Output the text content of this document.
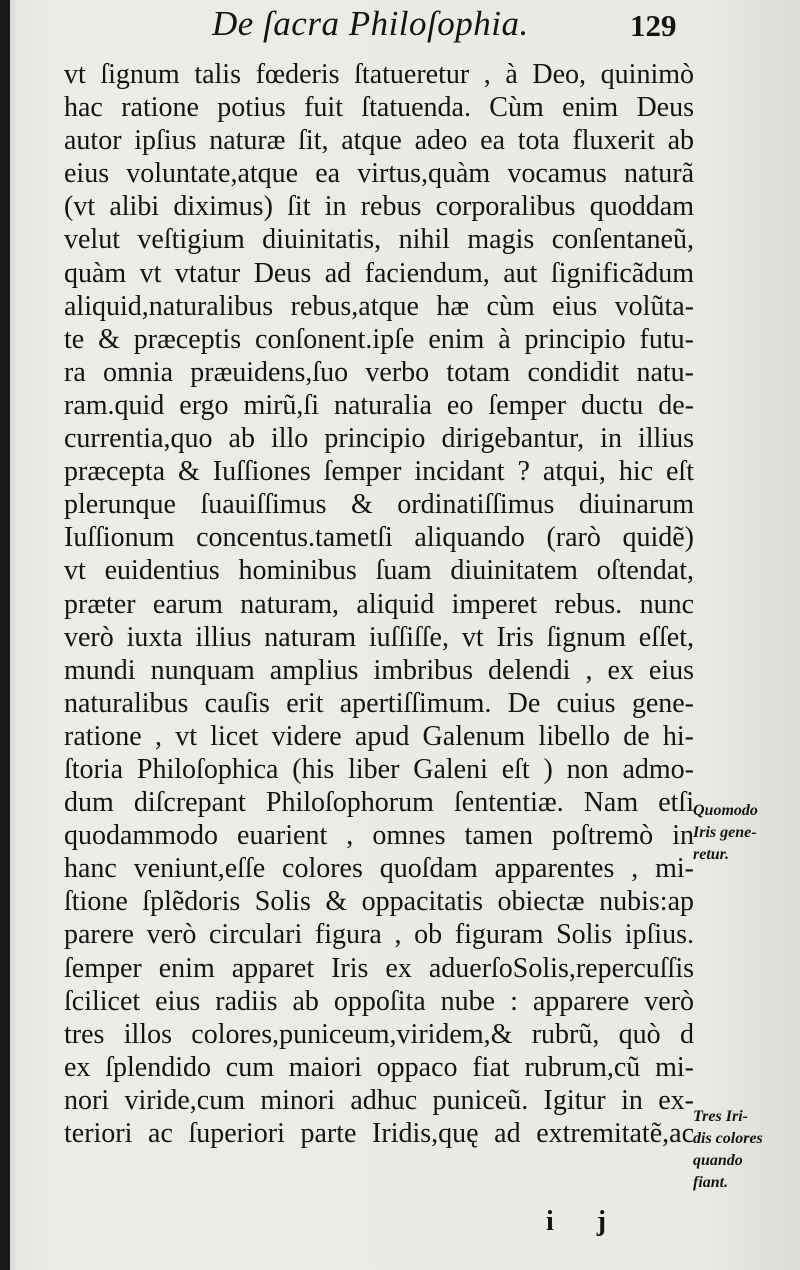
De ſacra Philoſophia.	129
vt ſignum talis fœderis ſtatueretur , à Deo, quinimò
hac ratione potius fuit ſtatuenda. Cùm enim Deus
autor ipſius naturæ ſit, atque adeo ea tota fluxerit ab
eius voluntate,atque ea virtus,quàm vocamus naturã
(vt alibi diximus) ſit in rebus corporalibus quoddam
velut veſtigium diuinitatis, nihil magis conſentaneũ,
quàm vt vtatur Deus ad faciendum, aut ſignificãdum
aliquid,naturalibus rebus,atque hæ cùm eius volũta-
te & præceptis conſonent.ipſe enim à principio futu-
ra omnia præuidens,ſuo verbo totam condidit natu-
ram.quid ergo mirũ,ſi naturalia eo ſemper ductu de-
currentia,quo ab illo principio dirigebantur, in illius
præcepta & Iuſſiones ſemper incidant ? atqui, hic eſt
plerunque ſuauiſſimus & ordinatiſſimus diuinarum
Iuſſionum concentus.tametſi aliquando (rarò quidẽ)
vt euidentius hominibus ſuam diuinitatem oſtendat,
præter earum naturam, aliquid imperet rebus. nunc
verò iuxta illius naturam iuſſiſſe, vt Iris ſignum eſſet,
mundi nunquam amplius imbribus delendi , ex eius
naturalibus cauſis erit apertiſſimum. De cuius gene-
ratione , vt licet videre apud Galenum libello de hi-
ſtoria Philoſophica (his liber Galeni eſt ) non admo-
dum diſcrepant Philoſophorum ſententiæ. Nam etſi
quodammodo euarient , omnes tamen poſtremò in
hanc veniunt,eſſe colores quoſdam apparentes , mi-
ſtione ſplẽdoris Solis & oppacitatis obiectæ nubis:ap
parere verò circulari figura , ob figuram Solis ipſius.
ſemper enim apparet Iris ex aduerſoSolis,repercuſſis
ſcilicet eius radiis ab oppoſita nube : apparere verò
tres illos colores,puniceum,viridem,& rubrũ, quò d
ex ſplendido cum maiori oppaco fiat rubrum,cũ mi-
nori viride,cum minori adhuc puniceũ. Igitur in ex-
teriori ac ſuperiori parte Iridis,quę ad extremitatẽ,ac
Quomodo
Iris gene-
retur.
Tres Iri-
dis colores
quando
fiant.
i j
